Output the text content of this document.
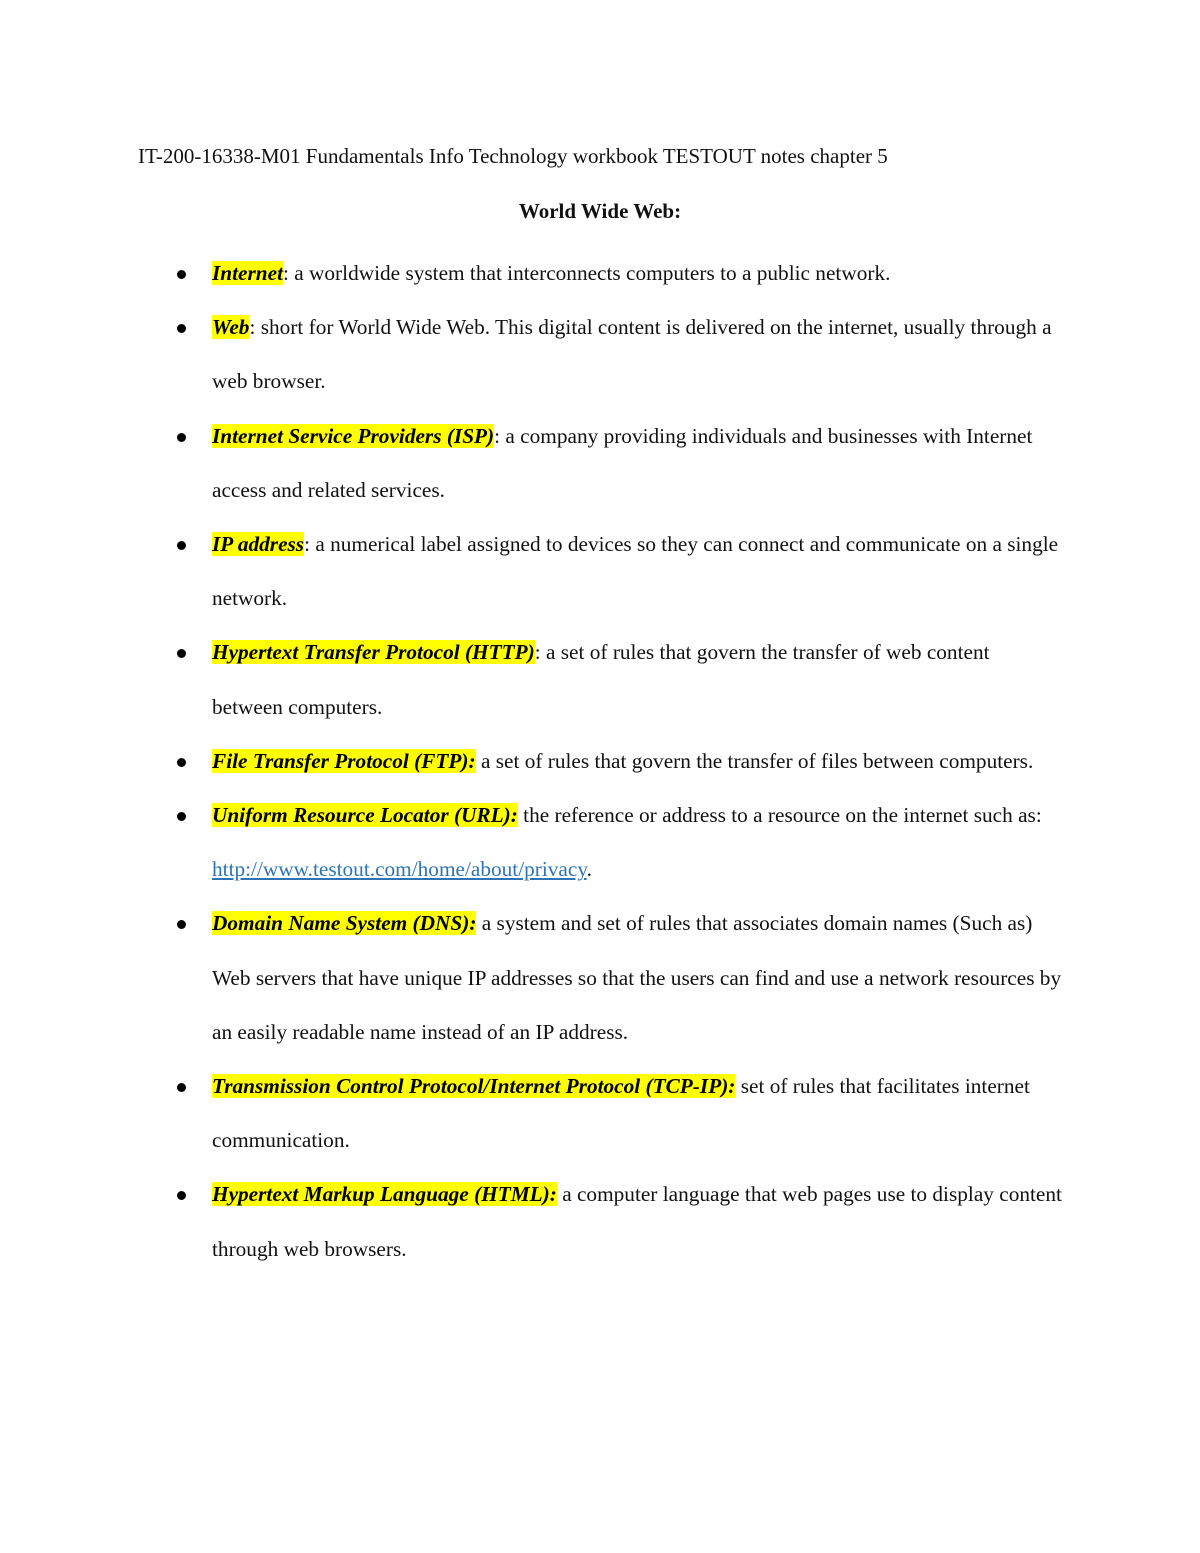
IT-200-16338-M01 Fundamentals Info Technology workbook TESTOUT notes chapter 5
World Wide Web:
Internet: a worldwide system that interconnects computers to a public network.
Web: short for World Wide Web. This digital content is delivered on the internet, usually through a web browser.
Internet Service Providers (ISP): a company providing individuals and businesses with Internet access and related services.
IP address: a numerical label assigned to devices so they can connect and communicate on a single network.
Hypertext Transfer Protocol (HTTP): a set of rules that govern the transfer of web content between computers.
File Transfer Protocol (FTP): a set of rules that govern the transfer of files between computers.
Uniform Resource Locator (URL): the reference or address to a resource on the internet such as: http://www.testout.com/home/about/privacy.
Domain Name System (DNS): a system and set of rules that associates domain names (Such as) Web servers that have unique IP addresses so that the users can find and use a network resources by an easily readable name instead of an IP address.
Transmission Control Protocol/Internet Protocol (TCP-IP): set of rules that facilitates internet communication.
Hypertext Markup Language (HTML): a computer language that web pages use to display content through web browsers.
